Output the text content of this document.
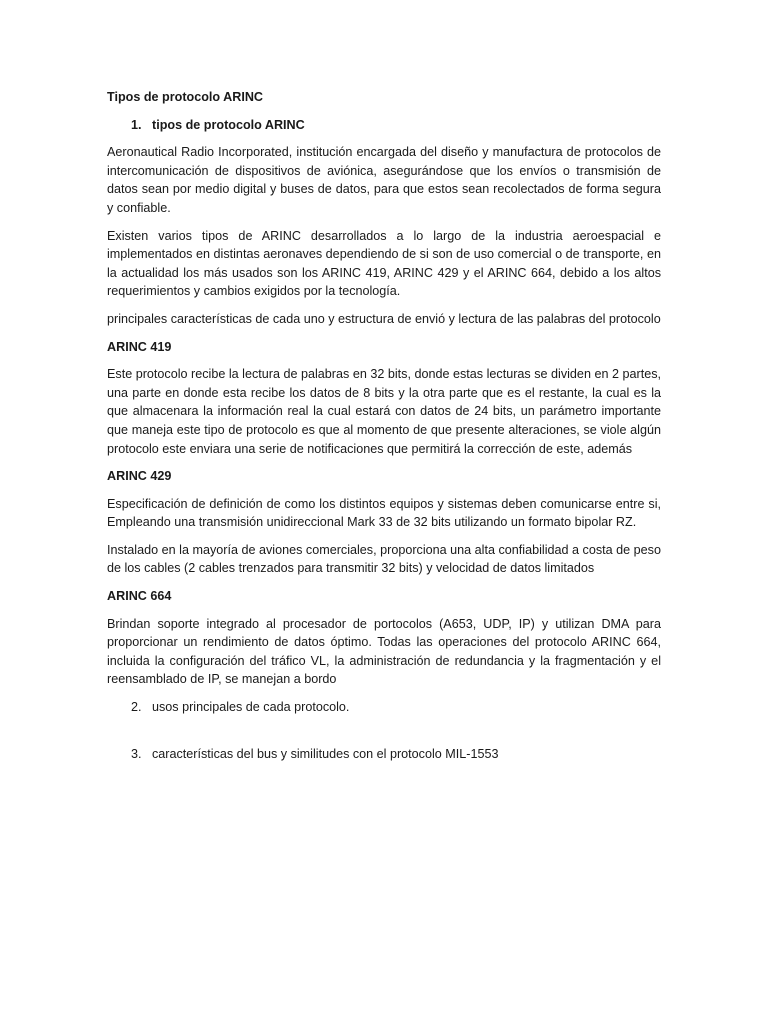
Tipos de protocolo ARINC
1. tipos de protocolo ARINC

Aeronautical Radio Incorporated, institución encargada del diseño y manufactura de protocolos de intercomunicación de dispositivos de aviónica, asegurándose que los envíos o transmisión de datos sean por medio digital y buses de datos, para que estos sean recolectados de forma segura y confiable.

Existen varios tipos de ARINC desarrollados a lo largo de la industria aeroespacial e implementados en distintas aeronaves dependiendo de si son de uso comercial o de transporte, en la actualidad los más usados son los ARINC 419, ARINC 429 y el ARINC 664, debido a los altos requerimientos y cambios exigidos por la tecnología.

principales características de cada uno y estructura de envió y lectura de las palabras del protocolo

ARINC 419

Este protocolo recibe la lectura de palabras en 32 bits, donde estas lecturas se dividen en 2 partes, una parte en donde esta recibe los datos de 8 bits y la otra parte que es el restante, la cual es la que almacenara la información real la cual estará con datos de 24 bits, un parámetro importante que maneja este tipo de protocolo es que al momento de que presente alteraciones, se viole algún protocolo este enviara una serie de notificaciones que permitirá la corrección de este, además

ARINC 429

Especificación de definición de como los distintos equipos y sistemas deben comunicarse entre si, Empleando una transmisión unidireccional Mark 33 de 32 bits utilizando un formato bipolar RZ.

Instalado en la mayoría de aviones comerciales, proporciona una alta confiabilidad a costa de peso de los cables (2 cables trenzados para transmitir 32 bits) y velocidad de datos limitados

ARINC 664

Brindan soporte integrado al procesador de portocolos (A653, UDP, IP) y utilizan DMA para proporcionar un rendimiento de datos óptimo. Todas las operaciones del protocolo ARINC 664, incluida la configuración del tráfico VL, la administración de redundancia y la fragmentación y el reensamblado de IP, se manejan a bordo

2. usos principales de cada protocolo.
3. características del bus y similitudes con el protocolo MIL-1553
